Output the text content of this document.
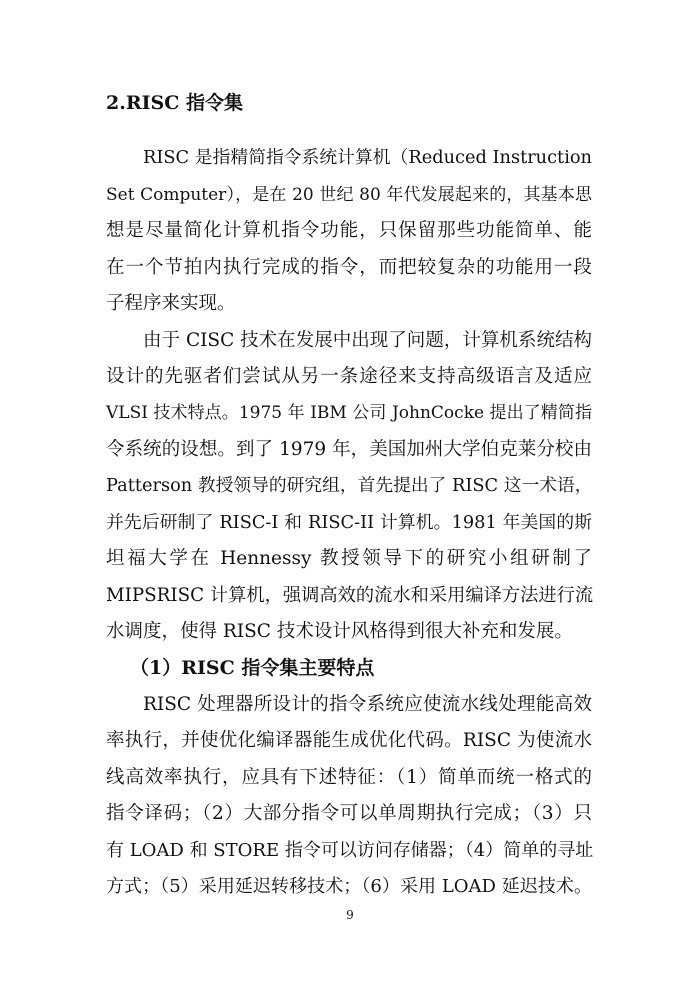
2.RISC 指令集
RISC 是指精简指令系统计算机（Reduced Instruction
Set Computer），是在 20 世纪 80 年代发展起来的，其基本思
想是尽量简化计算机指令功能，只保留那些功能简单、能
在一个节拍内执行完成的指令，而把较复杂的功能用一段
子程序来实现。
由于 CISC 技术在发展中出现了问题，计算机系统结构
设计的先驱者们尝试从另一条途径来支持高级语言及适应
VLSI 技术特点。1975 年 IBM 公司 JohnCocke 提出了精简指
令系统的设想。到了 1979 年，美国加州大学伯克莱分校由
Patterson 教授领导的研究组，首先提出了 RISC 这一术语，
并先后研制了 RISC-I 和 RISC-II 计算机。1981 年美国的斯
坦福大学在 Hennessy 教授领导下的研究小组研制了
MIPSRISC 计算机，强调高效的流水和采用编译方法进行流
水调度，使得 RISC 技术设计风格得到很大补充和发展。
（1）RISC 指令集主要特点
RISC 处理器所设计的指令系统应使流水线处理能高效
率执行，并使优化编译器能生成优化代码。RISC 为使流水
线高效率执行，应具有下述特征：（1）简单而统一格式的
指令译码；（2）大部分指令可以单周期执行完成；（3）只
有 LOAD 和 STORE 指令可以访问存储器；（4）简单的寻址
方式；（5）采用延迟转移技术；（6）采用 LOAD 延迟技术。
9
